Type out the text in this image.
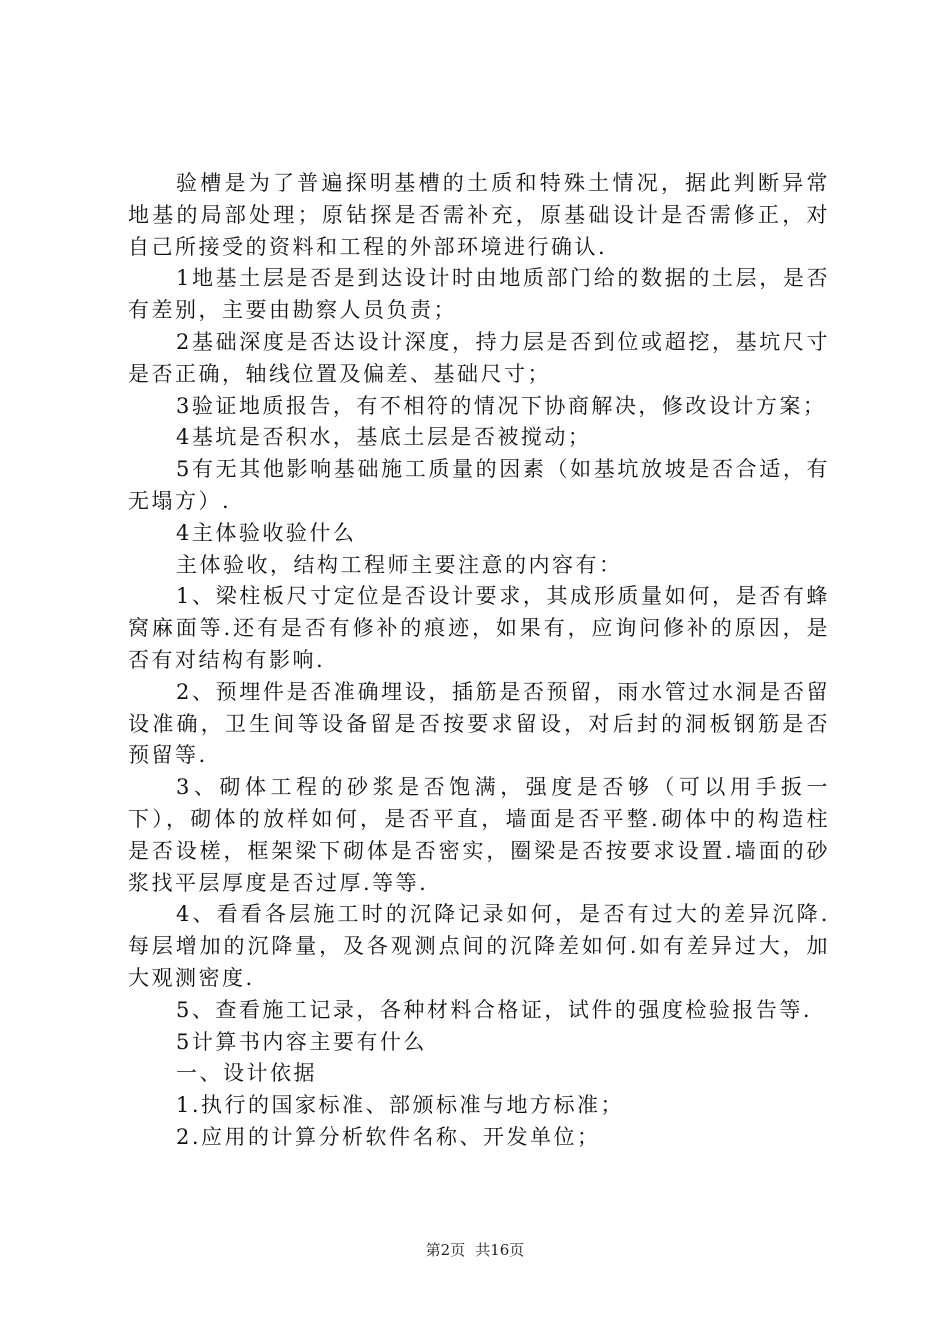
验槽是为了普遍探明基槽的土质和特殊土情况，据此判断异常地基的局部处理；原钻探是否需补充，原基础设计是否需修正，对自己所接受的资料和工程的外部环境进行确认.

1地基土层是否是到达设计时由地质部门给的数据的土层，是否有差别，主要由勘察人员负责；

2基础深度是否达设计深度，持力层是否到位或超挖，基坑尺寸是否正确，轴线位置及偏差、基础尺寸；

3验证地质报告，有不相符的情况下协商解决，修改设计方案；

4基坑是否积水，基底土层是否被搅动；

5有无其他影响基础施工质量的因素（如基坑放坡是否合适，有无塌方）.

4主体验收验什么

主体验收，结构工程师主要注意的内容有：

1、梁柱板尺寸定位是否设计要求，其成形质量如何，是否有蜂窝麻面等.还有是否有修补的痕迹，如果有，应询问修补的原因，是否有对结构有影响.

2、预埋件是否准确埋设，插筋是否预留，雨水管过水洞是否留设准确，卫生间等设备留是否按要求留设，对后封的洞板钢筋是否预留等.

3、砌体工程的砂浆是否饱满，强度是否够（可以用手扳一下），砌体的放样如何，是否平直，墙面是否平整.砌体中的构造柱是否设槎，框架梁下砌体是否密实，圈梁是否按要求设置.墙面的砂浆找平层厚度是否过厚.等等.

4、看看各层施工时的沉降记录如何，是否有过大的差异沉降.每层增加的沉降量，及各观测点间的沉降差如何.如有差异过大，加大观测密度.

5、查看施工记录，各种材料合格证，试件的强度检验报告等.

5计算书内容主要有什么

一、设计依据

1.执行的国家标准、部颁标准与地方标准；

2.应用的计算分析软件名称、开发单位；

第2页 共16页
